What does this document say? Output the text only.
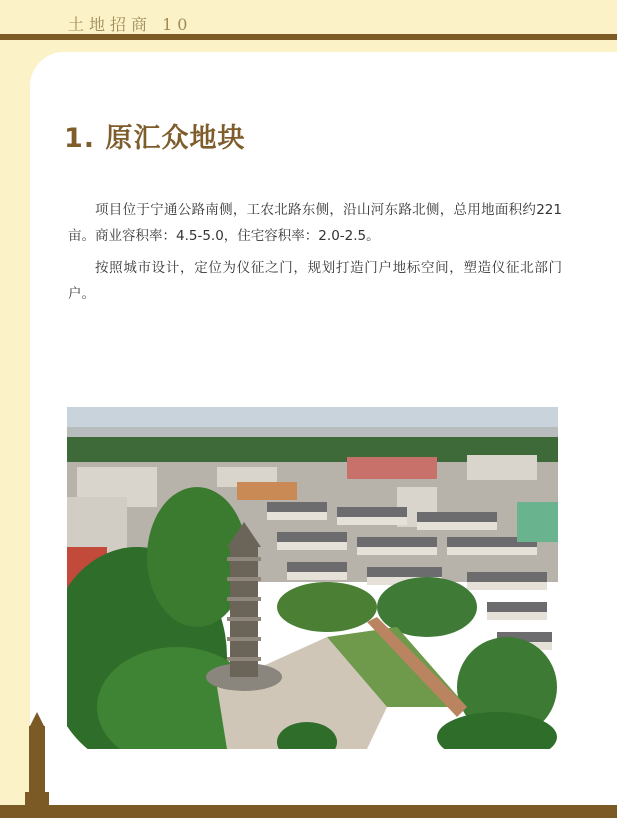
土地招商 10
1. 原汇众地块

项目位于宁通公路南侧，工农北路东侧，沿山河东路北侧，总用地面积约221亩。商业容积率：4.5-5.0，住宅容积率：2.0-2.5。

按照城市设计，定位为仪征之门，规划打造门户地标空间，塑造仪征北部门户。
